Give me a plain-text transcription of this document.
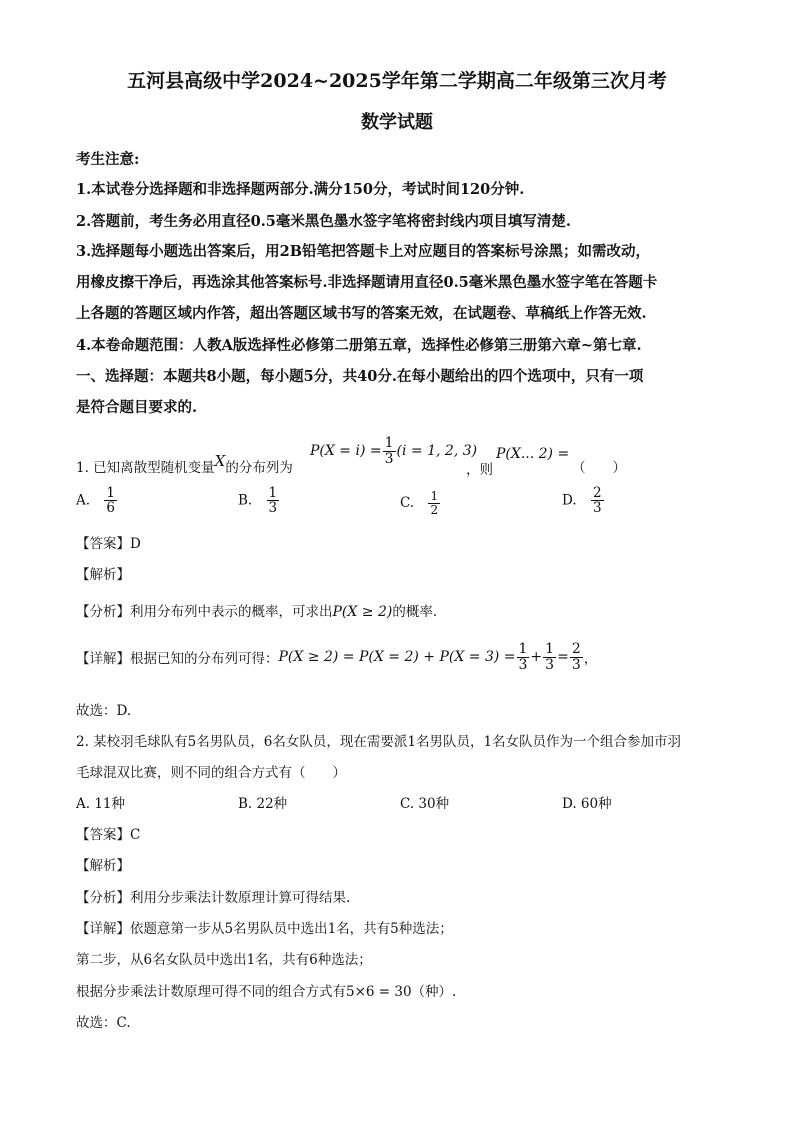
五河县高级中学2024~2025学年第二学期高二年级第三次月考
数学试题
考生注意:
1.本试卷分选择题和非选择题两部分.满分150分，考试时间120分钟.
2.答题前，考生务必用直径0.5毫米黑色墨水签字笔将密封线内项目填写清楚.
3.选择题每小题选出答案后，用2B铅笔把答题卡上对应题目的答案标号涂黑；如需改动，
用橡皮擦干净后，再选涂其他答案标号.非选择题请用直径0.5毫米黑色墨水签字笔在答题卡
上各题的答题区域内作答，超出答题区域书写的答案无效，在试题卷、草稿纸上作答无效.
4.本卷命题范围：人教A版选择性必修第二册第五章，选择性必修第三册第六章~第七章.
一、选择题：本题共8小题，每小题5分，共40分.在每小题给出的四个选项中，只有一项
是符合题目要求的.
1. 已知离散型随机变量X的分布列为
$P(X = i) = \frac{1}{3} (i = 1$, 2, 3)
，则
P(X... 2) =
（　　）
A. $\frac{1}{6}$	B. $\frac{1}{3}$	C. $\frac{1}{2}$	D. $\frac{2}{3}$
【答案】D
【解析】
【分析】利用分布列中表示的概率，可求出P(X ≥ 2)的概率.
【详解】根据已知的分布列可得：$P(X \ge 2) = P(X = 2) + P(X = 3) = \frac{1}{3} + \frac{1}{3} = \frac{2}{3}$ ，
故选：D.
2. 某校羽毛球队有5名男队员，6名女队员，现在需要派1名男队员，1名女队员作为一个组合参加市羽
毛球混双比赛，则不同的组合方式有（　　）
A. 11种	B. 22种	C. 30种	D. 60种
【答案】C
【解析】
【分析】利用分步乘法计数原理计算可得结果.
【详解】依题意第一步从5名男队员中选出1名，共有5种选法；
第二步，从6名女队员中选出1名，共有6种选法；
根据分步乘法计数原理可得不同的组合方式有5×6 = 30（种）.
故选：C.
